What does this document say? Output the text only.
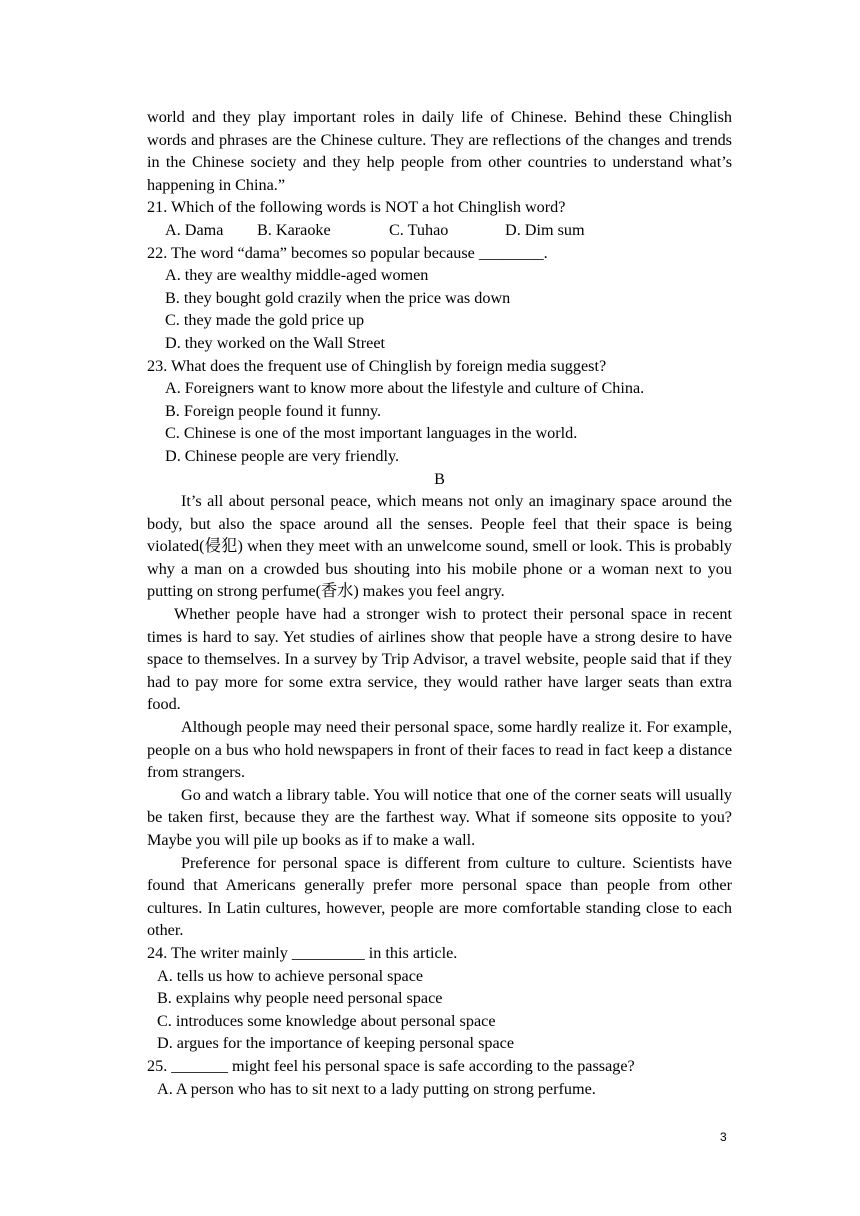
world and they play important roles in daily life of Chinese. Behind these Chinglish words and phrases are the Chinese culture. They are reflections of the changes and trends in the Chinese society and they help people from other countries to understand what’s happening in China.”

21. Which of the following words is NOT a hot Chinglish word?

A. Dama	B. Karaoke	C. Tuhao	D. Dim sum

22. The word “dama” becomes so popular because ________.

A. they are wealthy middle-aged women

B. they bought gold crazily when the price was down

C. they made the gold price up

D. they worked on the Wall Street

23. What does the frequent use of Chinglish by foreign media suggest?

A. Foreigners want to know more about the lifestyle and culture of China.

B. Foreign people found it funny.

C. Chinese is one of the most important languages in the world.

D. Chinese people are very friendly.

B

It’s all about personal peace, which means not only an imaginary space around the body, but also the space around all the senses. People feel that their space is being violated(侵犯) when they meet with an unwelcome sound, smell or look. This is probably why a man on a crowded bus shouting into his mobile phone or a woman next to you putting on strong perfume(香水) makes you feel angry.

Whether people have had a stronger wish to protect their personal space in recent times is hard to say. Yet studies of airlines show that people have a strong desire to have space to themselves. In a survey by Trip Advisor, a travel website, people said that if they had to pay more for some extra service, they would rather have larger seats than extra food.

Although people may need their personal space, some hardly realize it. For example, people on a bus who hold newspapers in front of their faces to read in fact keep a distance from strangers.

Go and watch a library table. You will notice that one of the corner seats will usually be taken first, because they are the farthest way. What if someone sits opposite to you? Maybe you will pile up books as if to make a wall.

Preference for personal space is different from culture to culture. Scientists have found that Americans generally prefer more personal space than people from other cultures. In Latin cultures, however, people are more comfortable standing close to each other.

24. The writer mainly _________ in this article.

A. tells us how to achieve personal space

B. explains why people need personal space

C. introduces some knowledge about personal space

D. argues for the importance of keeping personal space

25. _______ might feel his personal space is safe according to the passage?

A. A person who has to sit next to a lady putting on strong perfume.

3
